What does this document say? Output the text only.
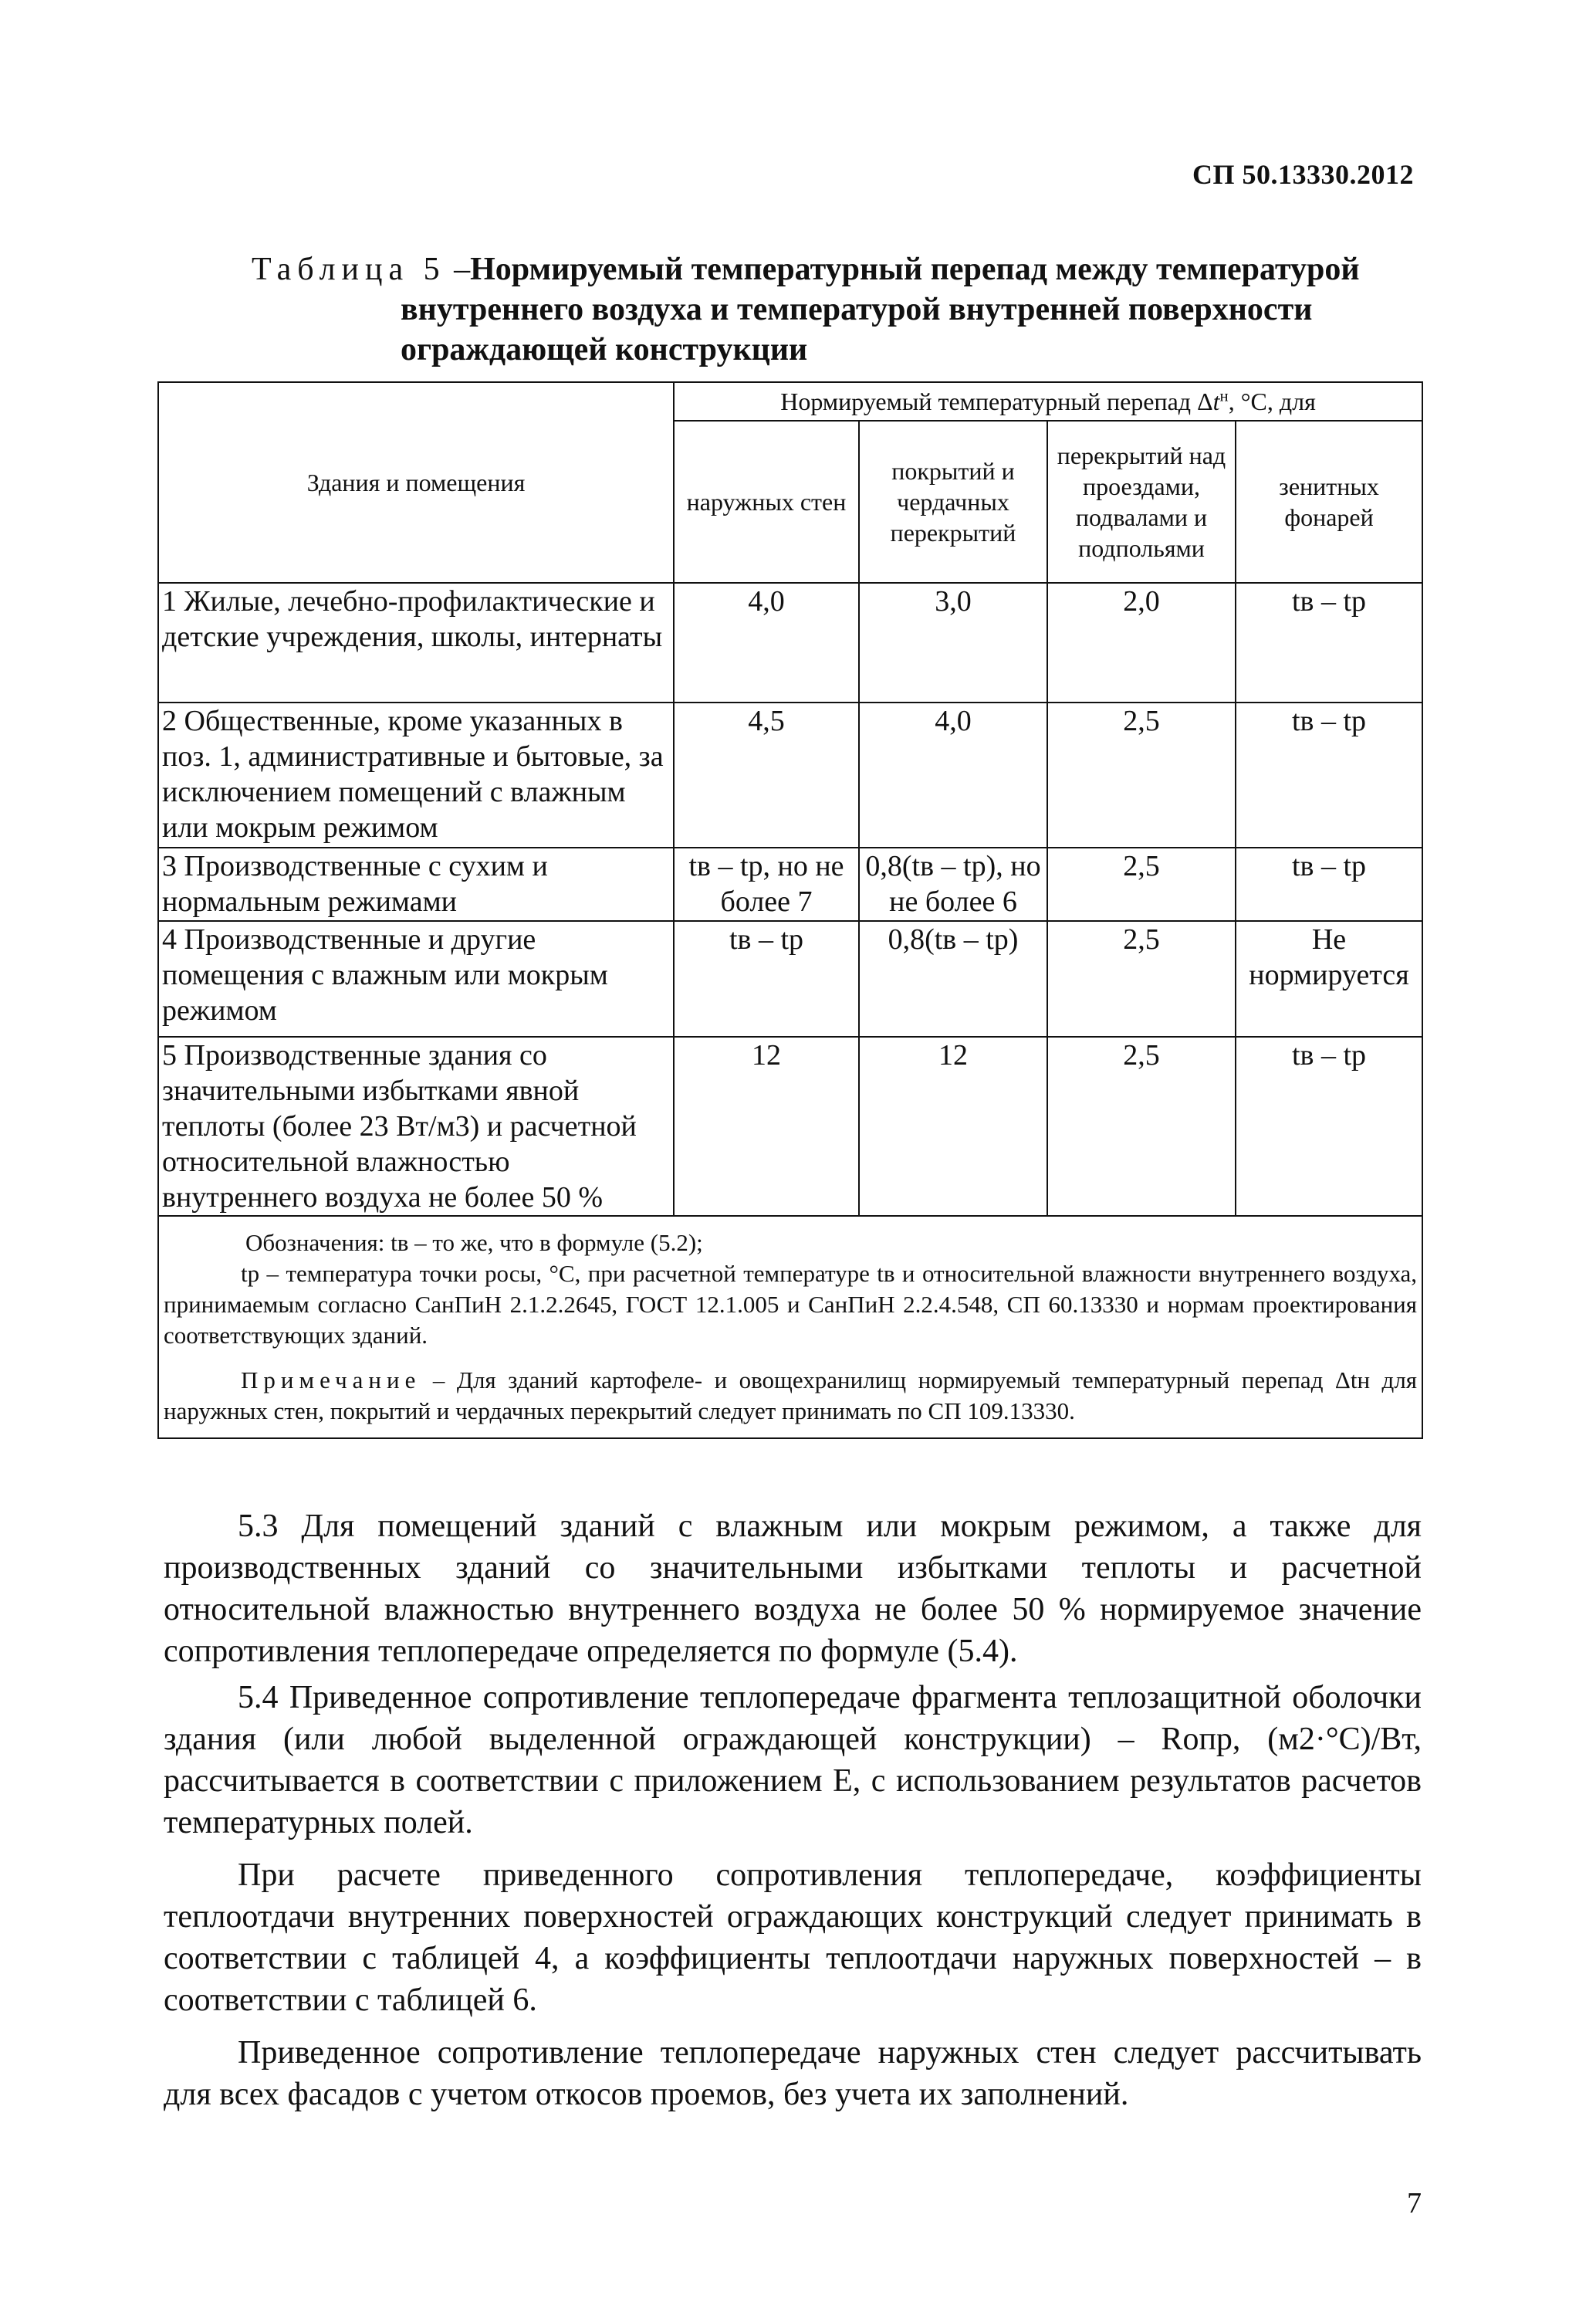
СП 50.13330.2012
Таблица 5 – Нормируемый температурный перепад между температурой
внутреннего воздуха и температурой внутренней поверхности
ограждающей конструкции
Здания и помещения	Нормируемый температурный перепад $\Delta t^н$, °С, для			
	наружных стен	покрытий и чердачных перекрытий	перекрытий над проездами, подвалами и подпольями	зенитных фонарей
1 Жилые, лечебно-профилактические и детские учреждения, школы, интернаты	4,0	3,0	2,0	tв – tр
2 Общественные, кроме указанных в поз. 1, административные и бытовые, за исключением помещений с влажным или мокрым режимом	4,5	4,0	2,5	tв – tр
3 Производственные с сухим и нормальным режимами	tв – tр, но не более 7	0,8(tв – tр), но не более 6	2,5	tв – tр
4 Производственные и другие помещения с влажным или мокрым режимом	tв – tр	0,8(tв – tр)	2,5	Не нормируется
5 Производственные здания со значительными избытками явной теплоты (более 23 Вт/м3) и расчетной относительной влажностью внутреннего воздуха не более 50 %	12	12	2,5	tв – tр

Обозначения: tв – то же, что в формуле (5.2);

tр – температура точки росы, °С, при расчетной температуре tв и относительной влажности внутреннего воздуха, принимаемым согласно СанПиН 2.1.2.2645, ГОСТ 12.1.005 и СанПиН 2.2.4.548, СП 60.13330 и нормам проектирования соответствующих зданий.

Примечание – Для зданий картофеле- и овощехранилищ нормируемый температурный перепад Δtн для наружных стен, покрытий и чердачных перекрытий следует принимать по СП 109.13330.				

5.3 Для помещений зданий с влажным или мокрым режимом, а также для производственных зданий со значительными избытками теплоты и расчетной относительной влажностью внутреннего воздуха не более 50 % нормируемое значение сопротивления теплопередаче определяется по формуле (5.4).

5.4 Приведенное сопротивление теплопередаче фрагмента теплозащитной оболочки здания (или любой выделенной ограждающей конструкции) – Rопр, (м2·°С)/Вт, рассчитывается в соответствии с приложением Е, с использованием результатов расчетов температурных полей.

При расчете приведенного сопротивления теплопередаче, коэффициенты теплоотдачи внутренних поверхностей ограждающих конструкций следует принимать в соответствии с таблицей 4, а коэффициенты теплоотдачи наружных поверхностей – в соответствии с таблицей 6.

Приведенное сопротивление теплопередаче наружных стен следует рассчитывать для всех фасадов с учетом откосов проемов, без учета их заполнений.

7
